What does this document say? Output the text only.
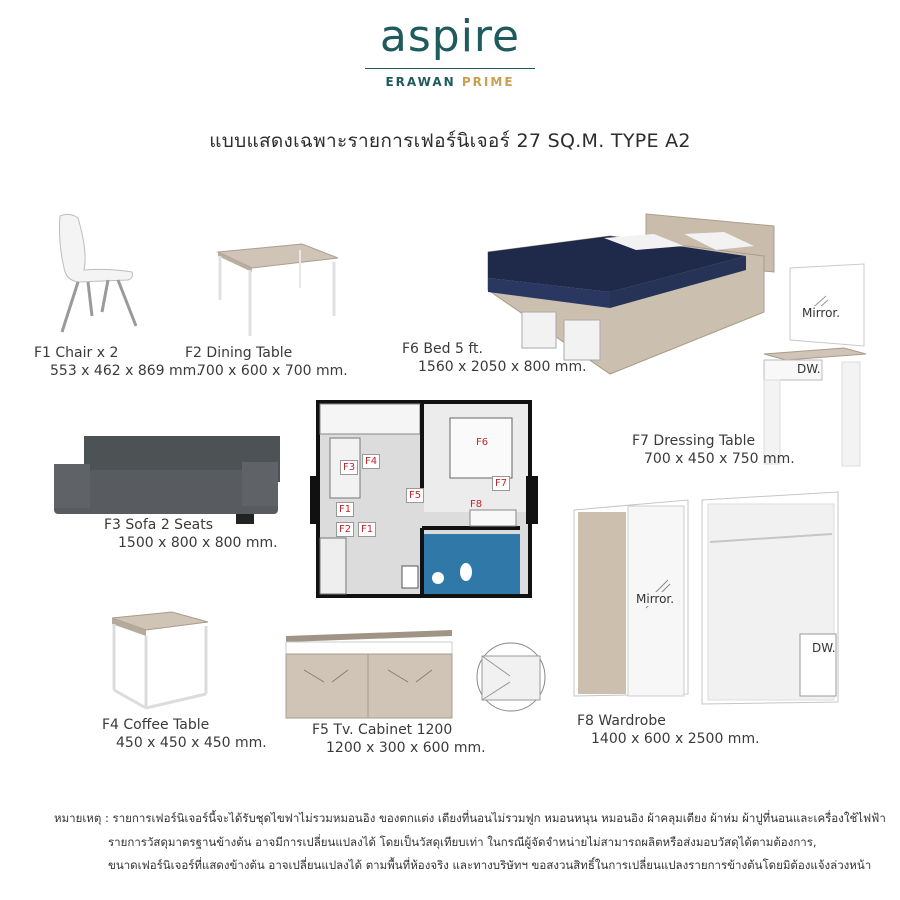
aspire
ERAWAN PRIME
แบบแสดงเฉพาะรายการเฟอร์นิเจอร์ 27 SQ.M. TYPE A2
F1 Chair x 2
553 x 462 x 869 mm.
F2 Dining Table
700 x 600 x 700 mm.
F6 Bed 5 ft.
1560 x 2050 x 800 mm.
Mirror.
DW.
F7 Dressing Table
700 x 450 x 750 mm.
F3 Sofa 2 Seats
1500 x 800 x 800 mm.
F3
F4
F6
F5
F7
F8
F1
F2 F1
Mirror.
DW.
F8 Wardrobe
1400 x 600 x 2500 mm.
F4 Coffee Table
450 x 450 x 450 mm.
F5 Tv. Cabinet 1200
1200 x 300 x 600 mm.
หมายเหตุ : รายการเฟอร์นิเจอร์นี้จะได้รับชุดไขฟาไม่รวมหมอนอิง ของตกแต่ง เตียงที่นอนไม่รวมฟูก หมอนหนุน หมอนอิง ผ้าคลุมเตียง ผ้าห่ม ผ้าปูที่นอนและเครื่องใช้ไฟฟ้า
รายการวัสดุมาตรฐานข้างต้น อาจมีการเปลี่ยนแปลงได้ โดยเป็นวัสดุเทียบเท่า ในกรณีผู้จัดจำหน่ายไม่สามารถผลิตหรือส่งมอบวัสดุได้ตามต้องการ,
ขนาดเฟอร์นิเจอร์ที่แสดงข้างต้น อาจเปลี่ยนแปลงได้ ตามพื้นที่ห้องจริง และทางบริษัทฯ ขอสงวนสิทธิ์ในการเปลี่ยนแปลงรายการข้างต้นโดยมิต้องแจ้งล่วงหน้า
